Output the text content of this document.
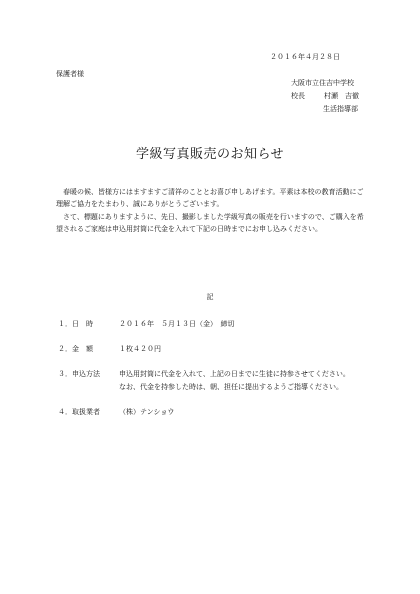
２０１６年４月２８日
保護者様
大阪市立住吉中学校
校長	村瀬　吉徹
生活指導部
学級写真販売のお知らせ
　春暖の候、皆様方にはますますご清祥のこととお喜び申しあげます。平素は本校の教育活動にご理解ご協力をたまわり、誠にありがとうございます。
　さて、標題にありますように、先日、撮影しました学級写真の販売を行いますので、ご購入を希望されるご家庭は申込用封筒に代金を入れて下記の日時までにお申し込みください。
記
１．日　時	２０１６年　５月１３日（金）　締切
２．金　額	１枚４２０円
３．申込方法	申込用封筒に代金を入れて、上記の日までに生徒に持参させてください。
なお、代金を持参した時は、朝、担任に提出するようご指導ください。
４．取扱業者	（株）テンショウ
